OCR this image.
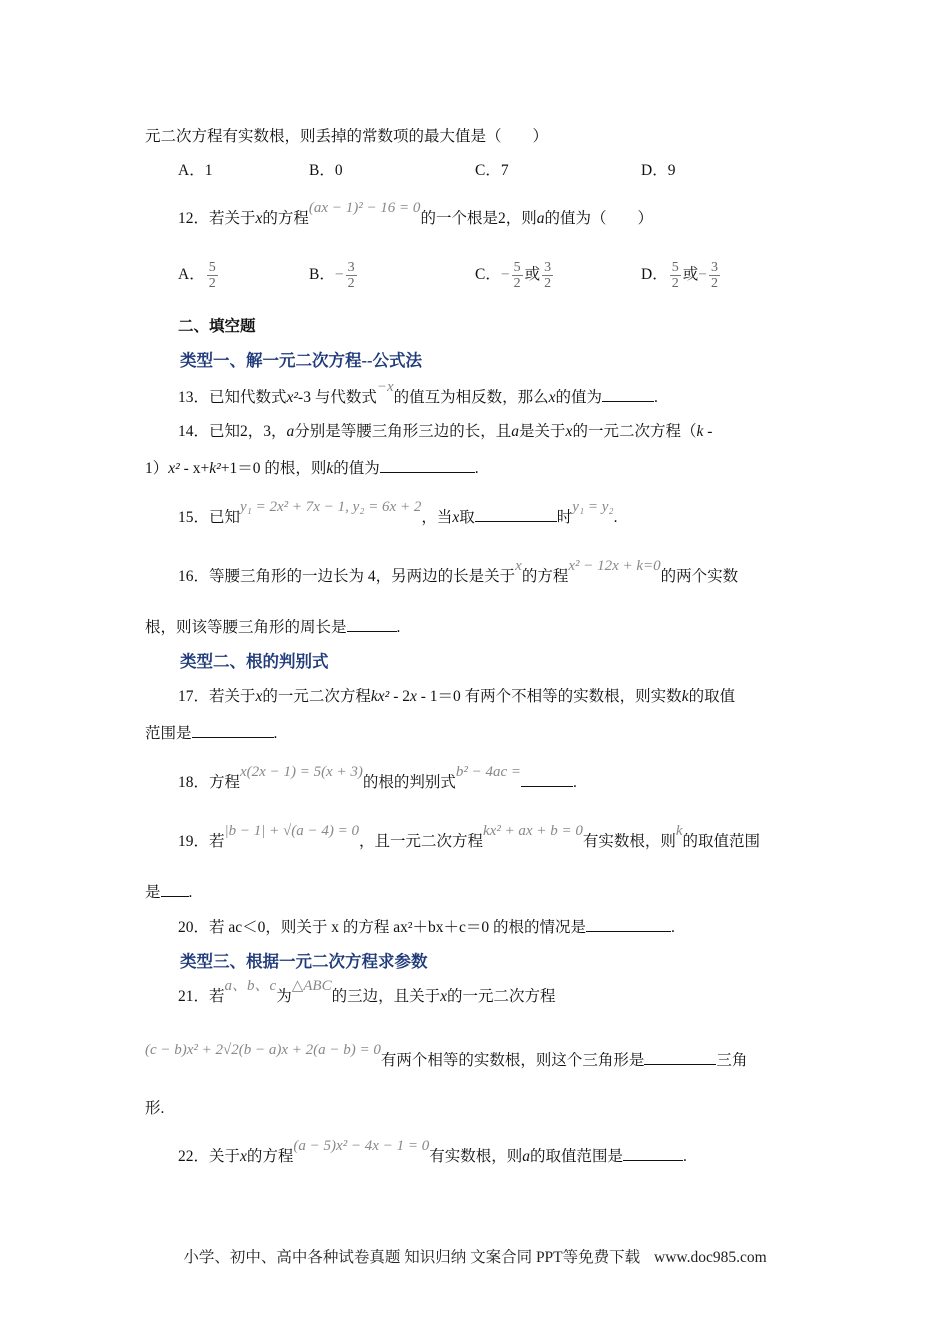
元二次方程有实数根，则丢掉的常数项的最大值是（　　）
A．1	B．0	C．7	D．9
12．若关于x的方程(ax − 1)² − 16 = 0的一个根是2，则a的值为（　　）
A． $\frac{5}{2}$	B．− $\frac{3}{2}$	C．− $\frac{5}{2}$ 或 $\frac{3}{2}$	D． $\frac{5}{2}$ 或− $\frac{3}{2}$
二、填空题
类型一、解一元二次方程--公式法
13．已知代数式x²-3 与代数式−x的值互为相反数，那么x的值为	.
14．已知2，3，a分别是等腰三角形三边的长，且a是关于x的一元二次方程（k -
1）x² - x+k²+1＝0 的根，则k的值为	.
15．已知y₁ = 2x² + 7x − 1, y₂ = 6x + 2，当x取	时y₁ = y₂.
16．等腰三角形的一边长为 4，另两边的长是关于x的方程x² − 12x + k=0的两个实数
根，则该等腰三角形的周长是	.
类型二、根的判别式
17．若关于x的一元二次方程kx² - 2x - 1＝0 有两个不相等的实数根，则实数k的取值
范围是	.
18．方程x(2x − 1) = 5(x + 3)的根的判别式b² − 4ac =.
19．若|b − 1| + √(a − 4) = 0，且一元二次方程kx² + ax + b = 0有实数根，则k的取值范围
是 .
20．若 ac＜0，则关于 x 的方程 ax²＋bx＋c＝0 的根的情况是	.
类型三、根据一元二次方程求参数
21．若a、b、c为△ABC的三边，且关于x的一元二次方程
(c − b)x² + 2√2(b − a)x + 2(a − b) = 0有两个相等的实数根，则这个三角形是	三角
形.
22．关于x的方程(a − 5)x² − 4x − 1 = 0有实数根，则a的取值范围是	.
小学、初中、高中各种试卷真题 知识归纳 文案合同 PPT等免费下载 www.doc985.com
